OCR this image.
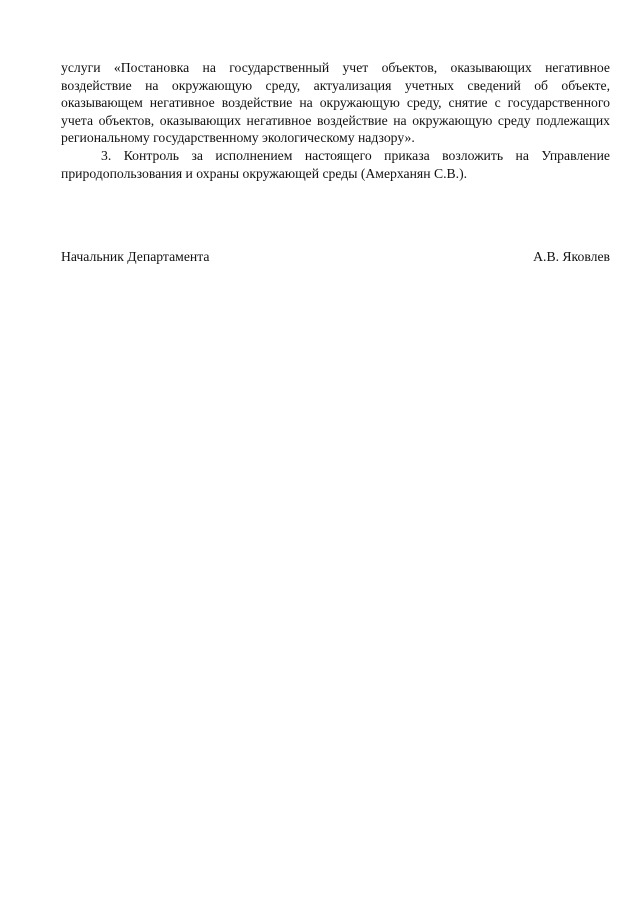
услуги «Постановка на государственный учет объектов, оказывающих негативное воздействие на окружающую среду, актуализация учетных сведений об объекте, оказывающем негативное воздействие на окружающую среду, снятие с государственного учета объектов, оказывающих негативное воздействие на окружающую среду подлежащих региональному государственному экологическому надзору».

3. Контроль за исполнением настоящего приказа возложить на Управление природопользования и охраны окружающей среды (Амерханян С.В.).

Начальник Департамента	А.В. Яковлев
